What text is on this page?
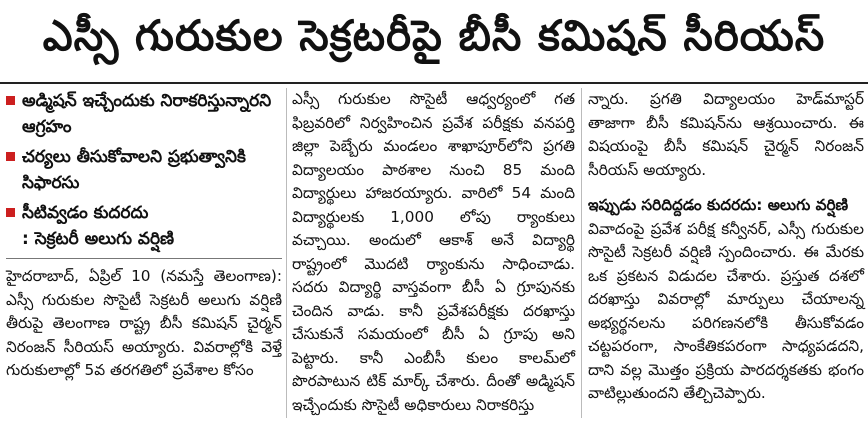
ఎస్సీ గురుకుల సెక్రటరీపై బీసీ కమిషన్ సీరియస్
అడ్మిషన్ ఇచ్చేందుకు నిరాకరిస్తున్నారని ఆగ్రహం
చర్యలు తీసుకోవాలని ప్రభుత్వానికి సిఫారసు
సీటివ్వడం కుదరదు
: సెక్రటరీ అలుగు వర్షిణి

హైదరాబాద్, ఏప్రిల్ 10 (నమస్తే తెలంగాణ): ఎస్సీ గురుకుల సొసైటీ సెక్రటరీ అలుగు వర్షిణి తీరుపై తెలంగాణ రాష్ట్ర బీసీ కమిషన్ చైర్మన్ నిరంజన్ సీరియస్ అయ్యారు. వివరాల్లోకి వెళ్తే గురుకులాల్లో 5వ తరగతిలో ప్రవేశాల కోసం

ఎస్సీ గురుకుల సొసైటీ ఆధ్వర్యంలో గత ఫిబ్రవరిలో నిర్వహించిన ప్రవేశ పరీక్షకు వనపర్తి జిల్లా పెబ్బేరు మండలం శాఖాపూర్‌లోని ప్రగతి విద్యాలయం పాఠశాల నుంచి 85 మంది విద్యార్థులు హాజరయ్యారు. వారిలో 54 మంది విద్యార్థులకు 1,000 లోపు ర్యాంకులు వచ్చాయి. అందులో ఆకాశ్ అనే విద్యార్థి రాష్ట్రంలో మొదటి ర్యాంకును సాధించాడు. సదరు విద్యార్థి వాస్తవంగా బీసీ ఏ గ్రూపునకు చెందిన వాడు. కానీ ప్రవేశపరీక్షకు దరఖాస్తు చేసుకునే సమయంలో బీసీ ఏ గ్రూపు అని పెట్టారు. కానీ ఎంబీసీ కులం కాలమ్‌లో పొరపాటున టిక్ మార్క్ చేశారు. దీంతో అడ్మిషన్ ఇచ్చేందుకు సొసైటీ అధికారులు నిరాకరిస్తు

న్నారు. ప్రగతి విద్యాలయం హెడ్‌మాస్టర్ తాజాగా బీసీ కమిషన్‌ను ఆశ్రయించారు. ఈ విషయంపై బీసీ కమిషన్ చైర్మన్ నిరంజన్ సీరియస్ అయ్యారు.

ఇప్పుడు సరిదిద్దడం కుదరదు: అలుగు వర్షిణి

వివాదంపై ప్రవేశ పరీక్ష కన్వీనర్, ఎస్సీ గురుకుల సొసైటీ సెక్రటరీ వర్షిణి స్పందించారు. ఈ మేరకు ఒక ప్రకటన విడుదల చేశారు. ప్రస్తుత దశలో దరఖాస్తు వివరాల్లో మార్పులు చేయాలన్న అభ్యర్థనలను పరిగణనలోకి తీసుకోవడం చట్టపరంగా, సాంకేతికపరంగా సాధ్యపడదని, దాని వల్ల మొత్తం ప్రక్రియ పారదర్శకతకు భంగం వాటిల్లుతుందని తేల్చిచెప్పారు.
